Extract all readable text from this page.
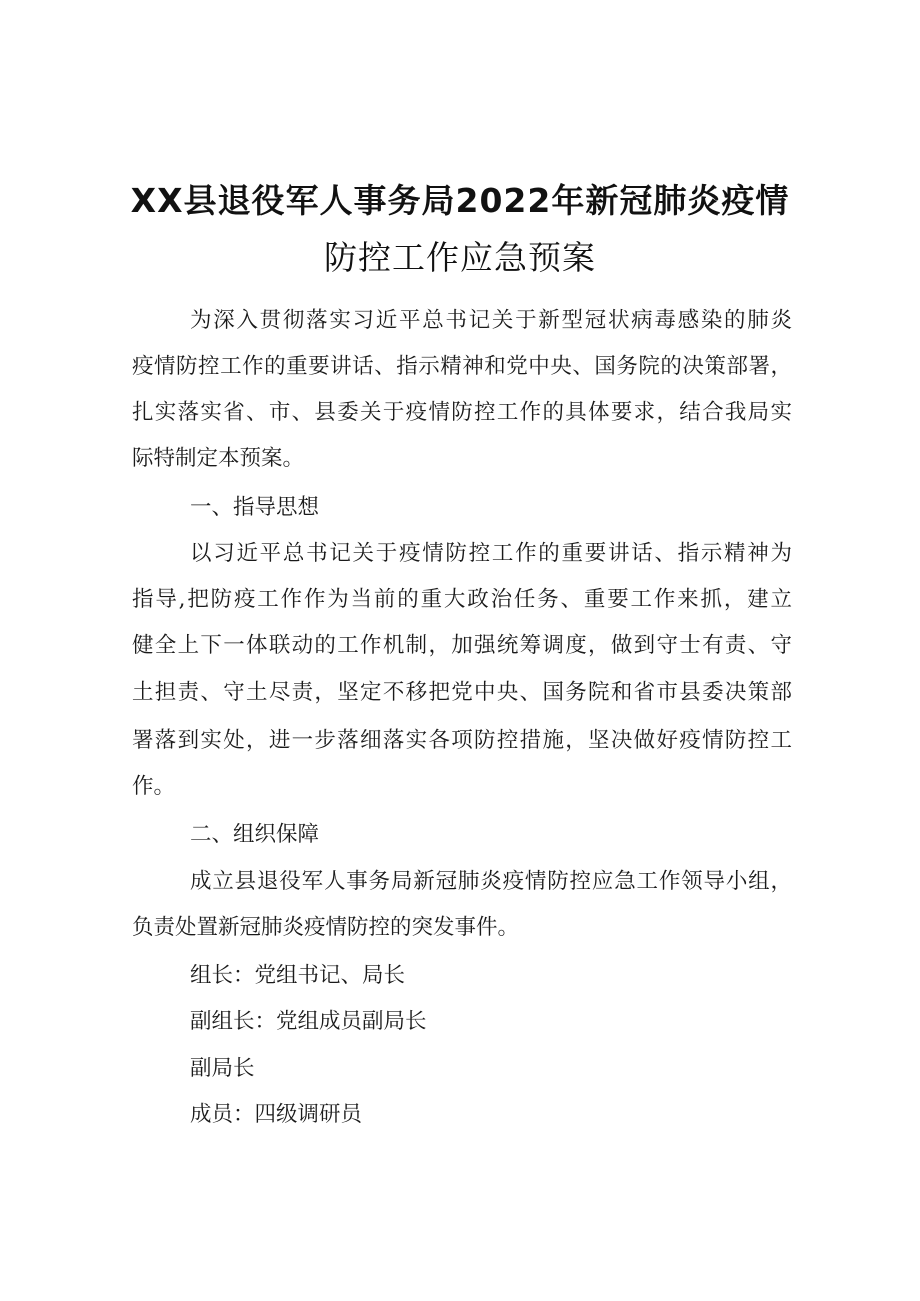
XX县退役军人事务局2022年新冠肺炎疫情
防控工作应急预案
为深入贯彻落实习近平总书记关于新型冠状病毒感染的肺炎
疫情防控工作的重要讲话、指示精神和党中央、国务院的决策部署，
扎实落实省、市、县委关于疫情防控工作的具体要求，结合我局实
际特制定本预案。
一、指导思想
以习近平总书记关于疫情防控工作的重要讲话、指示精神为
指导,把防疫工作作为当前的重大政治任务、重要工作来抓，建立
健全上下一体联动的工作机制，加强统筹调度，做到守士有责、守
土担责、守土尽责，坚定不移把党中央、国务院和省市县委决策部
署落到实处，进一步落细落实各项防控措施，坚决做好疫情防控工
作。
二、组织保障
成立县退役军人事务局新冠肺炎疫情防控应急工作领导小组，
负责处置新冠肺炎疫情防控的突发事件。
组长：党组书记、局长
副组长：党组成员副局长
副局长
成员：四级调研员
